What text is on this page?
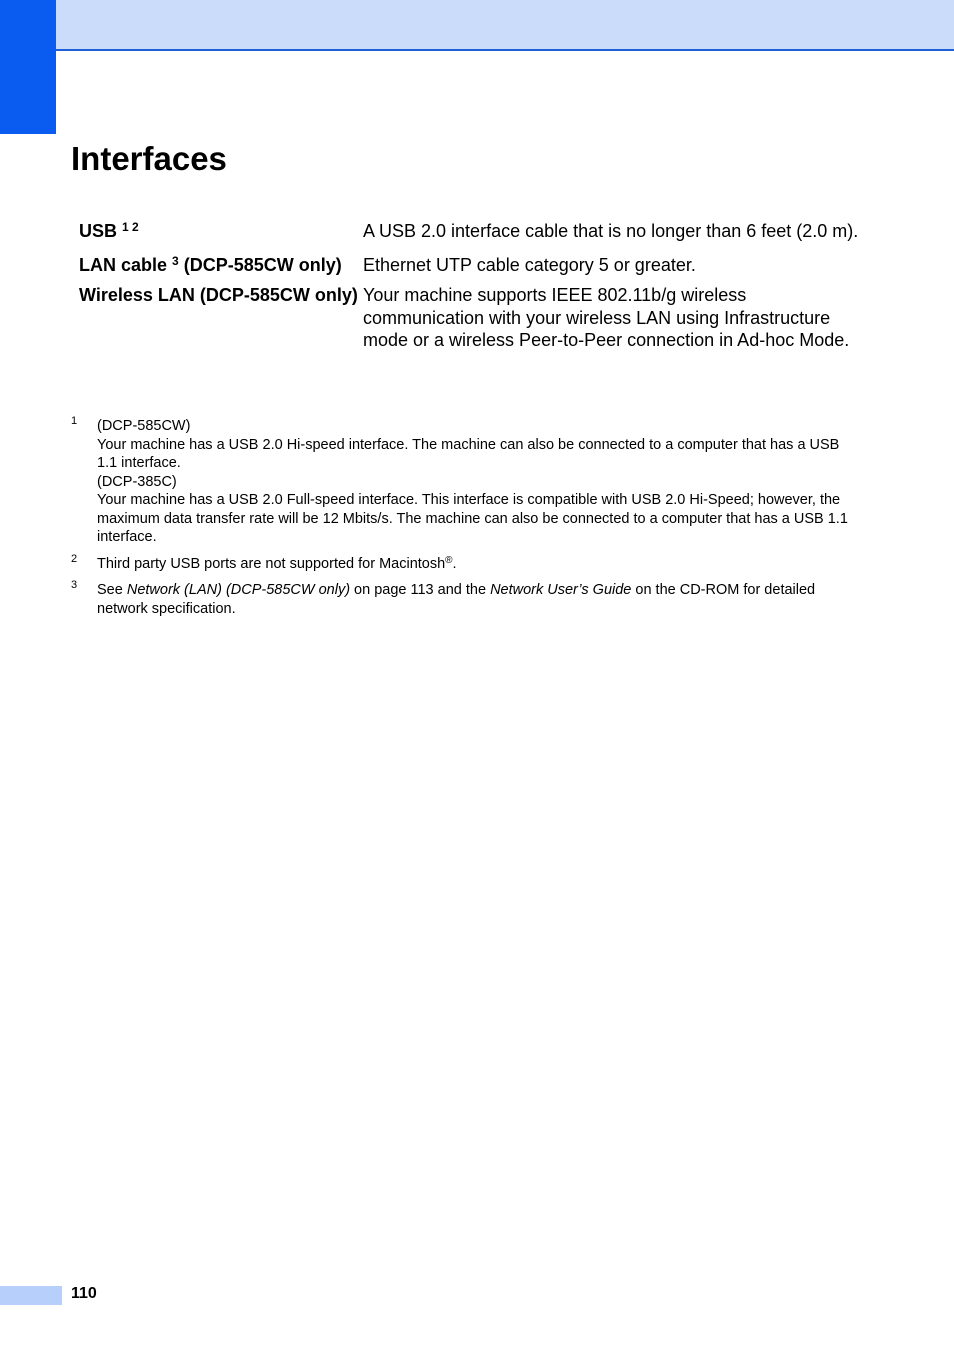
Interfaces
USB $^{1 2}$	A USB 2.0 interface cable that is no longer than 6 feet (2.0 m).
LAN cable $^3$ (DCP-585CW only)	Ethernet UTP cable category 5 or greater.
Wireless LAN (DCP-585CW only)	Your machine supports IEEE 802.11b/g wireless communication with your wireless LAN using Infrastructure mode or a wireless Peer-to-Peer connection in Ad-hoc Mode.
1 (DCP-585CW)
Your machine has a USB 2.0 Hi-speed interface. The machine can also be connected to a computer that has a USB 1.1 interface.
(DCP-385C)
Your machine has a USB 2.0 Full-speed interface. This interface is compatible with USB 2.0 Hi-Speed; however, the maximum data transfer rate will be 12 Mbits/s. The machine can also be connected to a computer that has a USB 1.1 interface.
2 Third party USB ports are not supported for Macintosh®.
3 See Network (LAN) (DCP-585CW only) on page 113 and the Network User’s Guide on the CD-ROM for detailed network specification.
110
